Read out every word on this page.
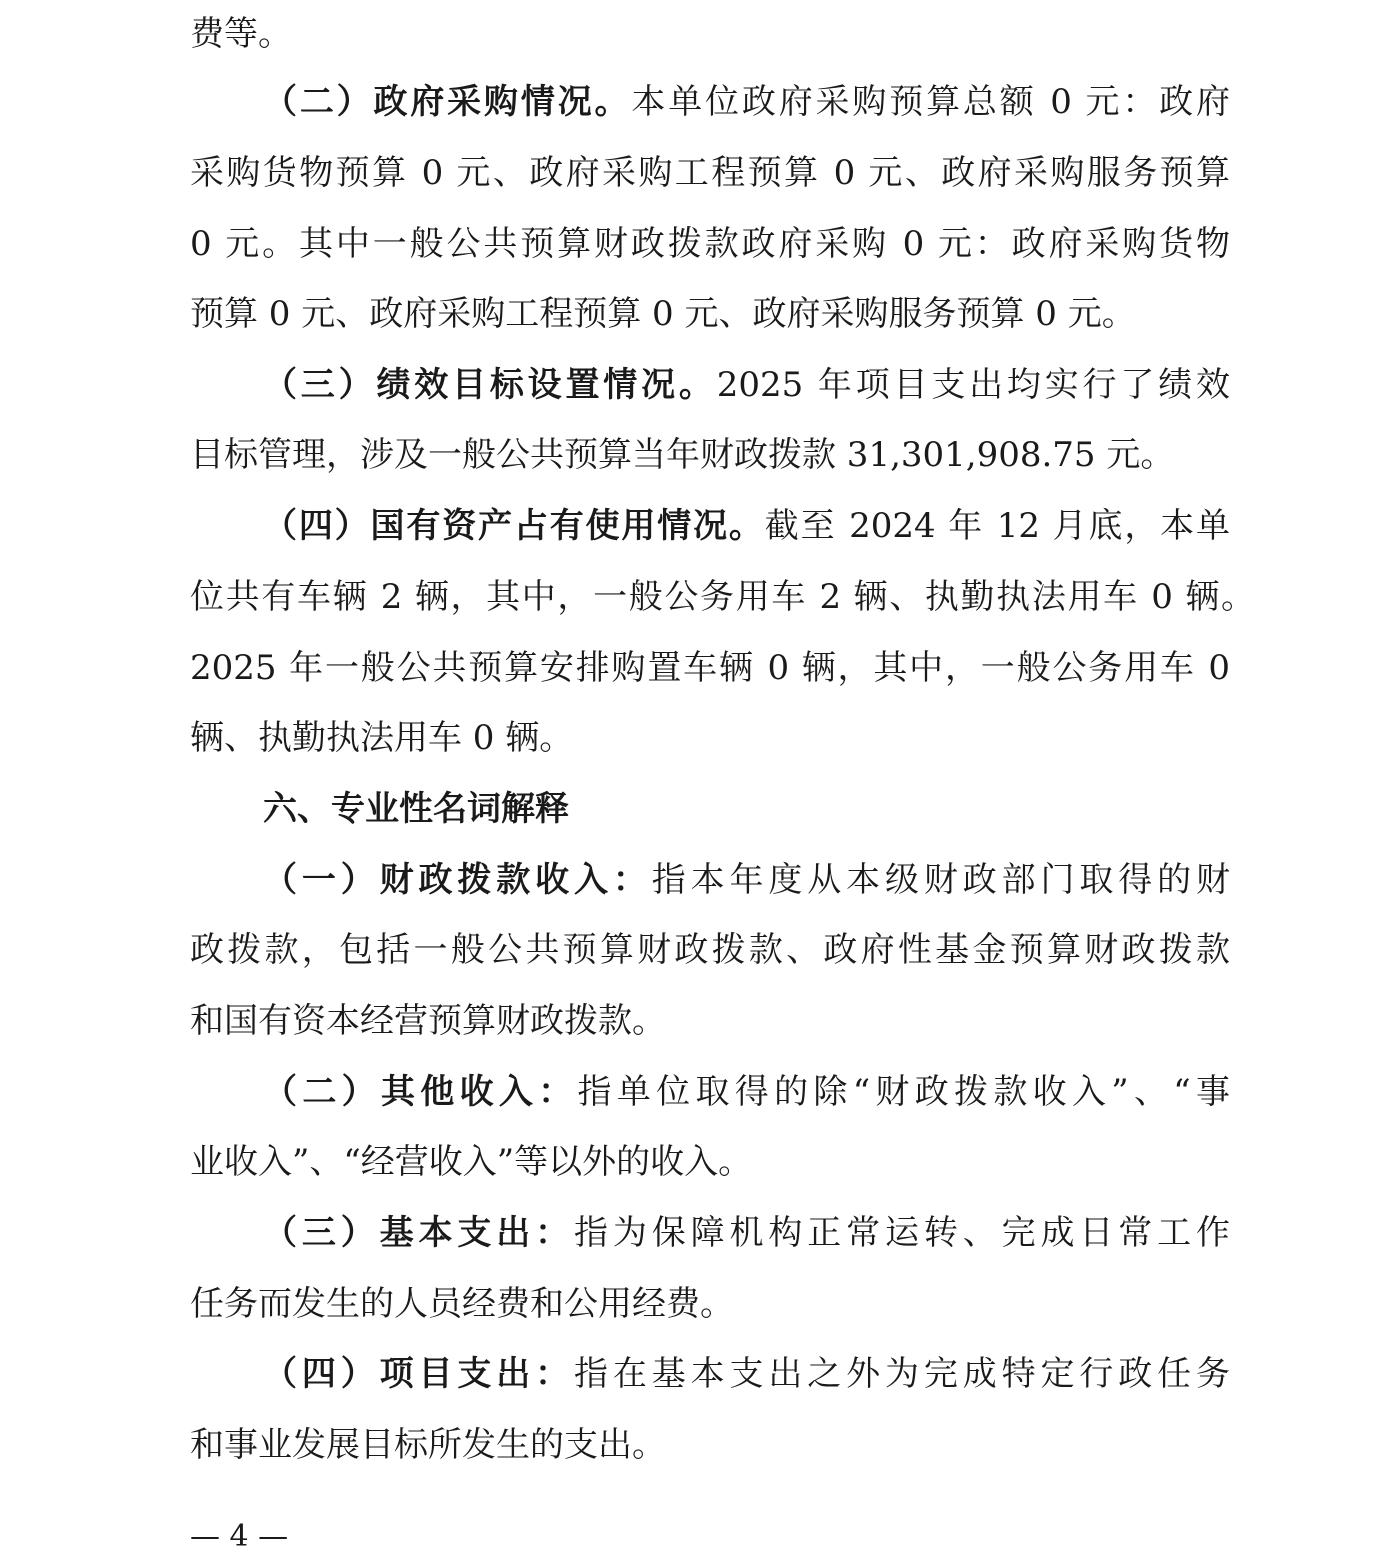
费等。
（二）政府采购情况。本单位政府采购预算总额 0 元：政府
采购货物预算 0 元、政府采购工程预算 0 元、政府采购服务预算
0 元。其中一般公共预算财政拨款政府采购 0 元：政府采购货物
预算 0 元、政府采购工程预算 0 元、政府采购服务预算 0 元。
（三）绩效目标设置情况。2025 年项目支出均实行了绩效
目标管理，涉及一般公共预算当年财政拨款 31,301,908.75 元。
（四）国有资产占有使用情况。截至 2024 年 12 月底，本单
位共有车辆 2 辆，其中，一般公务用车 2 辆、执勤执法用车 0 辆。
2025 年一般公共预算安排购置车辆 0 辆，其中，一般公务用车 0
辆、执勤执法用车 0 辆。
六、专业性名词解释
（一）财政拨款收入：指本年度从本级财政部门取得的财
政拨款，包括一般公共预算财政拨款、政府性基金预算财政拨款
和国有资本经营预算财政拨款。
（二）其他收入：指单位取得的除“财政拨款收入”、“事
业收入”、“经营收入”等以外的收入。
（三）基本支出：指为保障机构正常运转、完成日常工作
任务而发生的人员经费和公用经费。
（四）项目支出：指在基本支出之外为完成特定行政任务
和事业发展目标所发生的支出。
— 4 —
